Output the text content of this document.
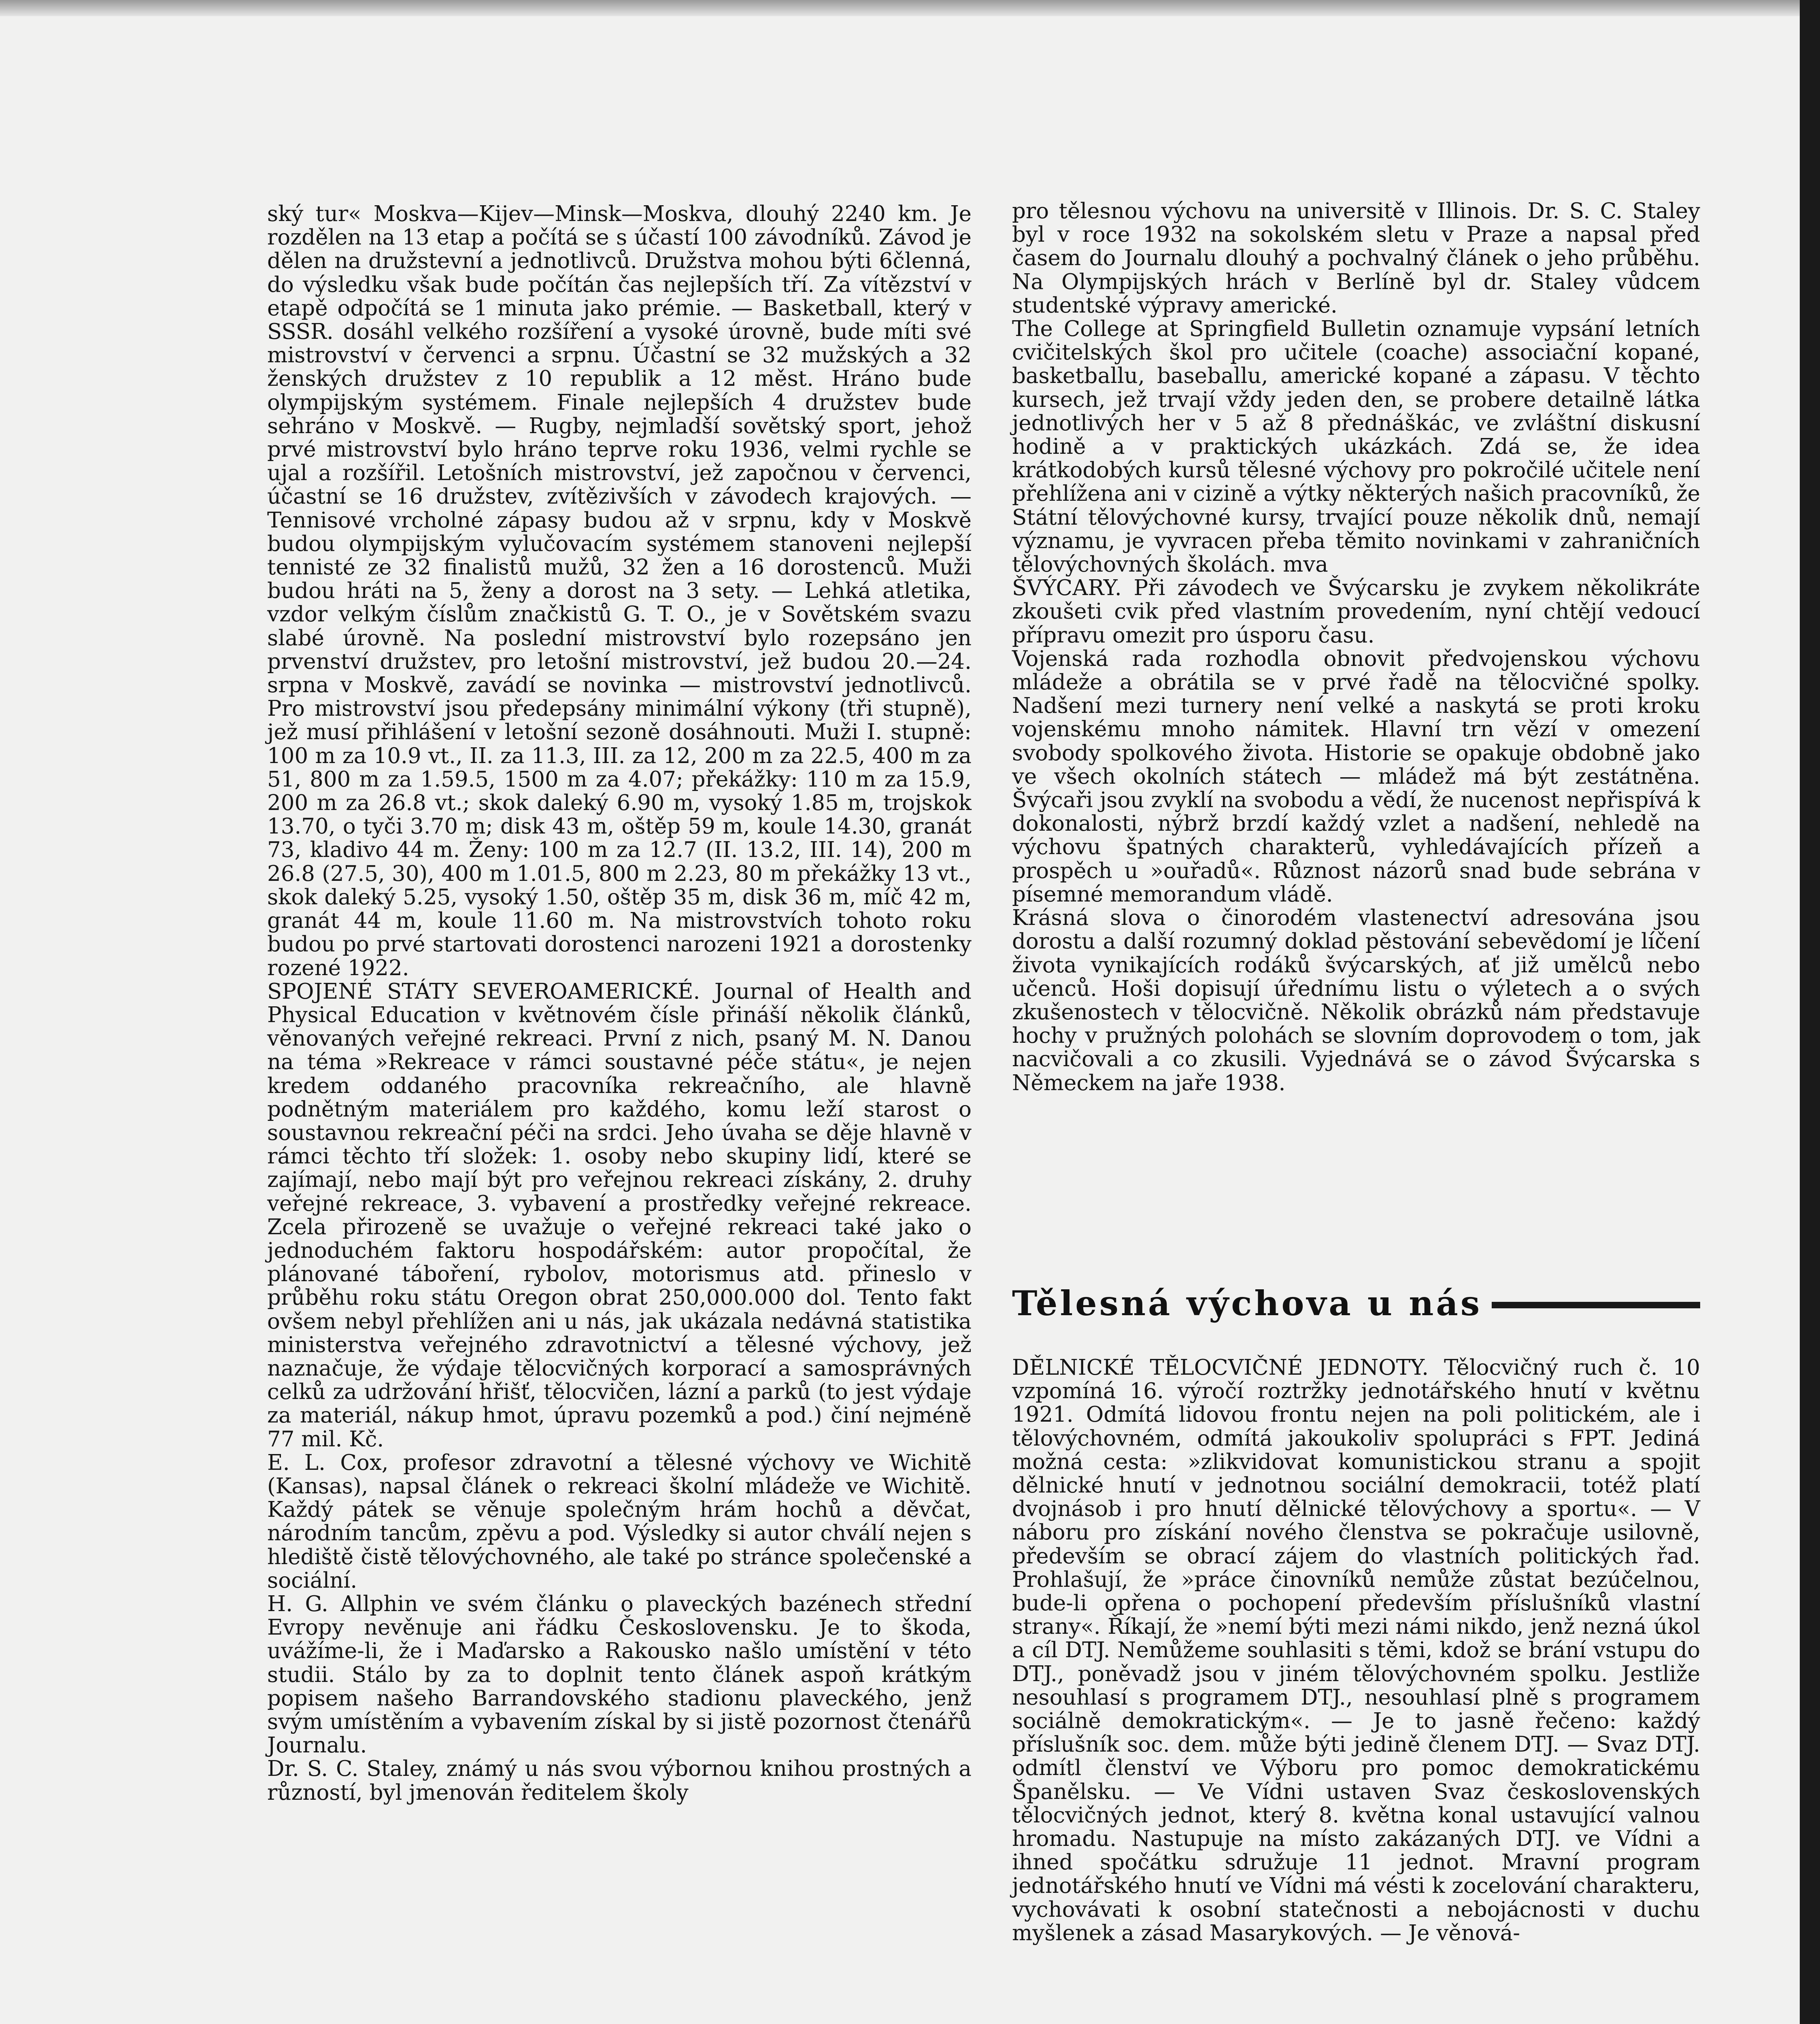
ský tur« Moskva—Kijev—Minsk—Moskva, dlouhý 2240 km. Je rozdělen na 13 etap a počítá se s účastí 100 závodníků. Závod je dělen na družstevní a jednotlivců. Družstva mohou býti 6členná, do výsledku však bude počítán čas nejlepších tří. Za vítězství v etapě odpočítá se 1 minuta jako prémie. — Basketball, který v SSSR. dosáhl velkého rozšíření a vysoké úrovně, bude míti své mistrovství v červenci a srpnu. Účastní se 32 mužských a 32 ženských družstev z 10 republik a 12 měst. Hráno bude olympijským systémem. Finale nejlepších 4 družstev bude sehráno v Moskvě. — Rugby, nejmladší sovětský sport, jehož prvé mistrovství bylo hráno teprve roku 1936, velmi rychle se ujal a rozšířil. Letošních mistrovství, jež započnou v červenci, účastní se 16 družstev, zvítězivších v závodech krajových. — Tennisové vrcholné zápasy budou až v srpnu, kdy v Moskvě budou olympijským vylučovacím systémem stanoveni nejlepší tennisté ze 32 finalistů mužů, 32 žen a 16 dorostenců. Muži budou hráti na 5, ženy a dorost na 3 sety. — Lehká atletika, vzdor velkým číslům značkistů G. T. O., je v Sovětském svazu slabé úrovně. Na poslední mistrovství bylo rozepsáno jen prvenství družstev, pro letošní mistrovství, jež budou 20.—24. srpna v Moskvě, zavádí se novinka — mistrovství jednotlivců. Pro mistrovství jsou předepsány minimální výkony (tři stupně), jež musí přihlášení v letošní sezoně dosáhnouti. Muži I. stupně: 100 m za 10.9 vt., II. za 11.3, III. za 12, 200 m za 22.5, 400 m za 51, 800 m za 1.59.5, 1500 m za 4.07; překážky: 110 m za 15.9, 200 m za 26.8 vt.; skok daleký 6.90 m, vysoký 1.85 m, trojskok 13.70, o tyči 3.70 m; disk 43 m, oštěp 59 m, koule 14.30, granát 73, kladivo 44 m. Ženy: 100 m za 12.7 (II. 13.2, III. 14), 200 m 26.8 (27.5, 30), 400 m 1.01.5, 800 m 2.23, 80 m překážky 13 vt., skok daleký 5.25, vysoký 1.50, oštěp 35 m, disk 36 m, míč 42 m, granát 44 m, koule 11.60 m. Na mistrovstvích tohoto roku budou po prvé startovati dorostenci narozeni 1921 a dorostenky rozené 1922.

SPOJENÉ STÁTY SEVEROAMERICKÉ. Journal of Health and Physical Education v květnovém čísle přináší několik článků, věnovaných veřejné rekreaci. První z nich, psaný M. N. Danou na téma »Rekreace v rámci soustavné péče státu«, je nejen kredem oddaného pracovníka rekreačního, ale hlavně podnětným materiálem pro každého, komu leží starost o soustavnou rekreační péči na srdci. Jeho úvaha se děje hlavně v rámci těchto tří složek: 1. osoby nebo skupiny lidí, které se zajímají, nebo mají být pro veřejnou rekreaci získány, 2. druhy veřejné rekreace, 3. vybavení a prostředky veřejné rekreace. Zcela přirozeně se uvažuje o veřejné rekreaci také jako o jednoduchém faktoru hospodářském: autor propočítal, že plánované táboření, rybolov, motorismus atd. přineslo v průběhu roku státu Oregon obrat 250,000.000 dol. Tento fakt ovšem nebyl přehlížen ani u nás, jak ukázala nedávná statistika ministerstva veřejného zdravotnictví a tělesné výchovy, jež naznačuje, že výdaje tělocvičných korporací a samosprávných celků za udržování hřišť, tělocvičen, lázní a parků (to jest výdaje za materiál, nákup hmot, úpravu pozemků a pod.) činí nejméně 77 mil. Kč.

E. L. Cox, profesor zdravotní a tělesné výchovy ve Wichitě (Kansas), napsal článek o rekreaci školní mládeže ve Wichitě. Každý pátek se věnuje společným hrám hochů a děvčat, národním tancům, zpěvu a pod. Výsledky si autor chválí nejen s hlediště čistě tělovýchovného, ale také po stránce společenské a sociální.

H. G. Allphin ve svém článku o plaveckých bazénech střední Evropy nevěnuje ani řádku Československu. Je to škoda, uvážíme-li, že i Maďarsko a Rakousko našlo umístění v této studii. Stálo by za to doplnit tento článek aspoň krátkým popisem našeho Barrandovského stadionu plaveckého, jenž svým umístěním a vybavením získal by si jistě pozornost čtenářů Journalu.

Dr. S. C. Staley, známý u nás svou výbornou knihou prostných a růzností, byl jmenován ředitelem školy

pro tělesnou výchovu na universitě v Illinois. Dr. S. C. Staley byl v roce 1932 na sokolském sletu v Praze a napsal před časem do Journalu dlouhý a pochvalný článek o jeho průběhu. Na Olympijských hrách v Berlíně byl dr. Staley vůdcem studentské výpravy americké.

The College at Springfield Bulletin oznamuje vypsání letních cvičitelských škol pro učitele (coache) associační kopané, basketballu, baseballu, americké kopané a zápasu. V těchto kursech, jež trvají vždy jeden den, se probere detailně látka jednotlivých her v 5 až 8 přednáškác, ve zvláštní diskusní hodině a v praktických ukázkách. Zdá se, že idea krátkodobých kursů tělesné výchovy pro pokročilé učitele není přehlížena ani v cizině a výtky některých našich pracovníků, že Státní tělovýchovné kursy, trvající pouze několik dnů, nemají významu, je vyvracen přeba těmito novinkami v zahraničních tělovýchovných školách. mva

ŠVÝCARY. Při závodech ve Švýcarsku je zvykem několikráte zkoušeti cvik před vlastním provedením, nyní chtějí vedoucí přípravu omezit pro úsporu času.

Vojenská rada rozhodla obnovit předvojenskou výchovu mládeže a obrátila se v prvé řadě na tělocvičné spolky. Nadšení mezi turnery není velké a naskytá se proti kroku vojenskému mnoho námitek. Hlavní trn vězí v omezení svobody spolkového života. Historie se opakuje obdobně jako ve všech okolních státech — mládež má být zestátněna. Švýcaři jsou zvyklí na svobodu a vědí, že nucenost nepřispívá k dokonalosti, nýbrž brzdí každý vzlet a nadšení, nehledě na výchovu špatných charakterů, vyhledávajících přízeň a prospěch u »ouřadů«. Různost názorů snad bude sebrána v písemné memorandum vládě.

Krásná slova o činorodém vlastenectví adresována jsou dorostu a další rozumný doklad pěstování sebevědomí je líčení života vynikajících rodáků švýcarských, ať již umělců nebo učenců. Hoši dopisují úřednímu listu o výletech a o svých zkušenostech v tělocvičně. Několik obrázků nám představuje hochy v pružných polohách se slovním doprovodem o tom, jak nacvičovali a co zkusili. Vyjednává se o závod Švýcarska s Německem na jaře 1938.

Tělesná výchova u nás

DĚLNICKÉ TĚLOCVIČNÉ JEDNOTY. Tělocvičný ruch č. 10 vzpomíná 16. výročí roztržky jednotářského hnutí v květnu 1921. Odmítá lidovou frontu nejen na poli politickém, ale i tělovýchovném, odmítá jakoukoliv spolupráci s FPT. Jediná možná cesta: »zlikvidovat komunistickou stranu a spojit dělnické hnutí v jednotnou sociální demokracii, totéž platí dvojnásob i pro hnutí dělnické tělovýchovy a sportu«. — V náboru pro získání nového členstva se pokračuje usilovně, především se obrací zájem do vlastních politických řad. Prohlašují, že »práce činovníků nemůže zůstat bezúčelnou, bude-li opřena o pochopení především příslušníků vlastní strany«. Říkají, že »nemí býti mezi námi nikdo, jenž nezná úkol a cíl DTJ. Nemůžeme souhlasiti s těmi, kdož se brání vstupu do DTJ., poněvadž jsou v jiném tělovýchovném spolku. Jestliže nesouhlasí s programem DTJ., nesouhlasí plně s programem sociálně demokratickým«. — Je to jasně řečeno: každý příslušník soc. dem. může býti jedině členem DTJ. — Svaz DTJ. odmítl členství ve Výboru pro pomoc demokratickému Španělsku. — Ve Vídni ustaven Svaz československých tělocvičných jednot, který 8. května konal ustavující valnou hromadu. Nastupuje na místo zakázaných DTJ. ve Vídni a ihned spočátku sdružuje 11 jednot. Mravní program jednotářského hnutí ve Vídni má vésti k zocelování charakteru, vychovávati k osobní statečnosti a nebojácnosti v duchu myšlenek a zásad Masarykových. — Je věnová-
